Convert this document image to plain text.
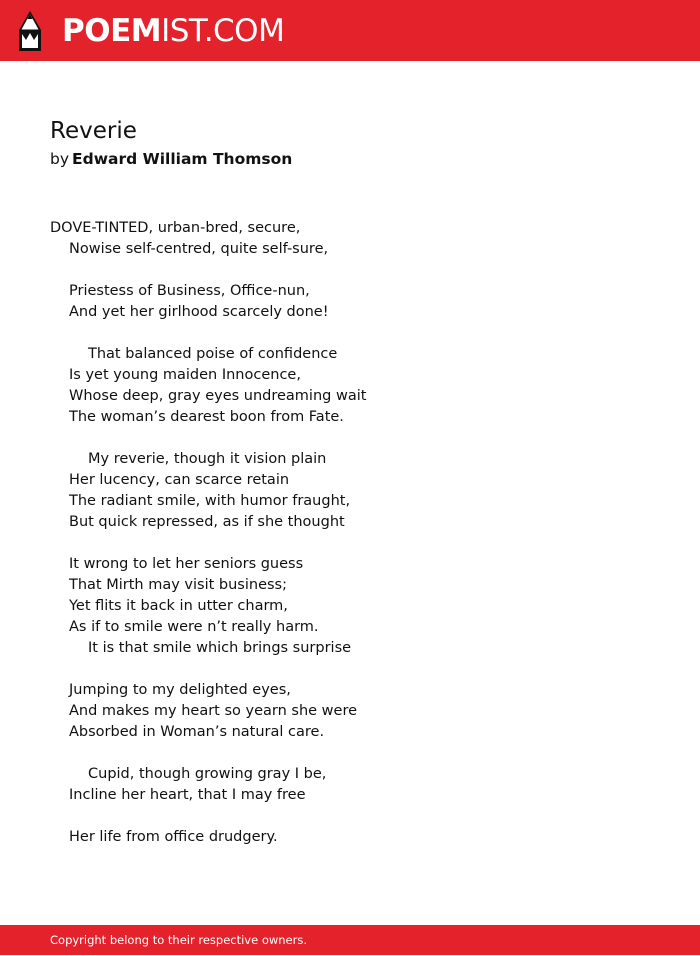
POEMIST.COM
Reverie
by Edward William Thomson
DOVE-TINTED, urban-bred, secure,
Nowise self-centred, quite self-sure,
Priestess of Business, Office-nun,
And yet her girlhood scarcely done!
That balanced poise of confidence
Is yet young maiden Innocence,
Whose deep, gray eyes undreaming wait
The woman’s dearest boon from Fate.
My reverie, though it vision plain
Her lucency, can scarce retain
The radiant smile, with humor fraught,
But quick repressed, as if she thought
It wrong to let her seniors guess
That Mirth may visit business;
Yet flits it back in utter charm,
As if to smile were n’t really harm.
It is that smile which brings surprise
Jumping to my delighted eyes,
And makes my heart so yearn she were
Absorbed in Woman’s natural care.
Cupid, though growing gray I be,
Incline her heart, that I may free
Her life from office drudgery.
Copyright belong to their respective owners.
